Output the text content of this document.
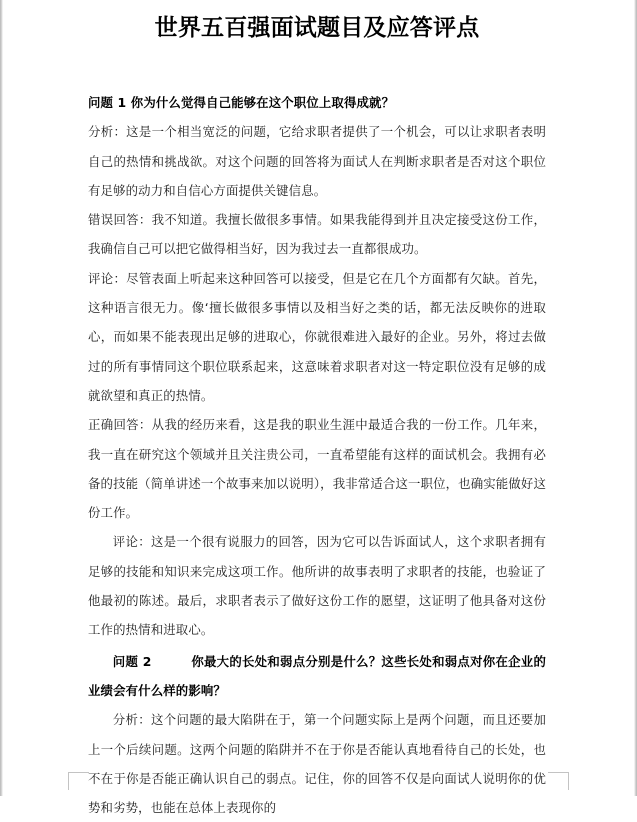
世界五百强面试题目及应答评点

问题 1 你为什么觉得自己能够在这个职位上取得成就？

分析：这是一个相当宽泛的问题，它给求职者提供了一个机会，可以让求职者表明自己的热情和挑战欲。对这个问题的回答将为面试人在判断求职者是否对这个职位有足够的动力和自信心方面提供关键信息。

错误回答：我不知道。我擅长做很多事情。如果我能得到并且决定接受这份工作，我确信自己可以把它做得相当好，因为我过去一直都很成功。

评论：尽管表面上听起来这种回答可以接受，但是它在几个方面都有欠缺。首先，这种语言很无力。像‘擅长做很多事情以及相当好之类的话，都无法反映你的进取心，而如果不能表现出足够的进取心，你就很难进入最好的企业。另外，将过去做过的所有事情同这个职位联系起来，这意味着求职者对这一特定职位没有足够的成就欲望和真正的热情。

正确回答：从我的经历来看，这是我的职业生涯中最适合我的一份工作。几年来，我一直在研究这个领域并且关注贵公司，一直希望能有这样的面试机会。我拥有必备的技能（简单讲述一个故事来加以说明），我非常适合这一职位，也确实能做好这份工作。

评论：这是一个很有说服力的回答，因为它可以告诉面试人，这个求职者拥有足够的技能和知识来完成这项工作。他所讲的故事表明了求职者的技能，也验证了他最初的陈述。最后，求职者表示了做好这份工作的愿望，这证明了他具备对这份工作的热情和进取心。

问题 2	你最大的长处和弱点分别是什么？这些长处和弱点对你在企业的业绩会有什么样的影响？

分析：这个问题的最大陷阱在于，第一个问题实际上是两个问题，而且还要加上一个后续问题。这两个问题的陷阱并不在于你是否能认真地看待自己的长处，也不在于你是否能正确认识自己的弱点。记住，你的回答不仅是向面试人说明你的优势和劣势，也能在总体上表现你的
